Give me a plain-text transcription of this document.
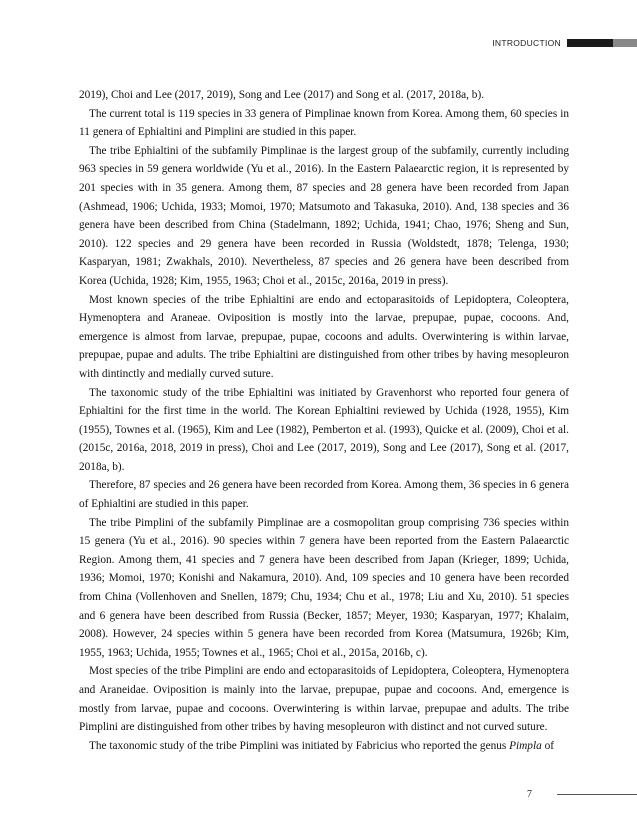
INTRODUCTION

2019), Choi and Lee (2017, 2019), Song and Lee (2017) and Song et al. (2017, 2018a, b).

The current total is 119 species in 33 genera of Pimplinae known from Korea. Among them, 60 species in 11 genera of Ephialtini and Pimplini are studied in this paper.

The tribe Ephialtini of the subfamily Pimplinae is the largest group of the subfamily, currently including 963 species in 59 genera worldwide (Yu et al., 2016). In the Eastern Palaearctic region, it is represented by 201 species with in 35 genera. Among them, 87 species and 28 genera have been recorded from Japan (Ashmead, 1906; Uchida, 1933; Momoi, 1970; Matsumoto and Takasuka, 2010). And, 138 species and 36 genera have been described from China (Stadelmann, 1892; Uchida, 1941; Chao, 1976; Sheng and Sun, 2010). 122 species and 29 genera have been recorded in Russia (Woldstedt, 1878; Telenga, 1930; Kasparyan, 1981; Zwakhals, 2010). Nevertheless, 87 species and 26 genera have been described from Korea (Uchida, 1928; Kim, 1955, 1963; Choi et al., 2015c, 2016a, 2019 in press).

Most known species of the tribe Ephialtini are endo and ectoparasitoids of Lepidoptera, Coleoptera, Hymenoptera and Araneae. Oviposition is mostly into the larvae, prepupae, pupae, cocoons. And, emergence is almost from larvae, prepupae, pupae, cocoons and adults. Overwintering is within larvae, prepupae, pupae and adults. The tribe Ephialtini are distinguished from other tribes by having mesopleuron with dintinctly and medially curved suture.

The taxonomic study of the tribe Ephialtini was initiated by Gravenhorst who reported four genera of Ephialtini for the first time in the world. The Korean Ephialtini reviewed by Uchida (1928, 1955), Kim (1955), Townes et al. (1965), Kim and Lee (1982), Pemberton et al. (1993), Quicke et al. (2009), Choi et al. (2015c, 2016a, 2018, 2019 in press), Choi and Lee (2017, 2019), Song and Lee (2017), Song et al. (2017, 2018a, b).

Therefore, 87 species and 26 genera have been recorded from Korea. Among them, 36 species in 6 genera of Ephialtini are studied in this paper.

The tribe Pimplini of the subfamily Pimplinae are a cosmopolitan group comprising 736 species within 15 genera (Yu et al., 2016). 90 species within 7 genera have been reported from the Eastern Palaearctic Region. Among them, 41 species and 7 genera have been described from Japan (Krieger, 1899; Uchida, 1936; Momoi, 1970; Konishi and Nakamura, 2010). And, 109 species and 10 genera have been recorded from China (Vollenhoven and Snellen, 1879; Chu, 1934; Chu et al., 1978; Liu and Xu, 2010). 51 species and 6 genera have been described from Russia (Becker, 1857; Meyer, 1930; Kasparyan, 1977; Khalaim, 2008). However, 24 species within 5 genera have been recorded from Korea (Matsumura, 1926b; Kim, 1955, 1963; Uchida, 1955; Townes et al., 1965; Choi et al., 2015a, 2016b, c).

Most species of the tribe Pimplini are endo and ectoparasitoids of Lepidoptera, Coleoptera, Hymenoptera and Araneidae. Oviposition is mainly into the larvae, prepupae, pupae and cocoons. And, emergence is mostly from larvae, pupae and cocoons. Overwintering is within larvae, prepupae and adults. The tribe Pimplini are distinguished from other tribes by having mesopleuron with distinct and not curved suture.

The taxonomic study of the tribe Pimplini was initiated by Fabricius who reported the genus Pimpla of

7
